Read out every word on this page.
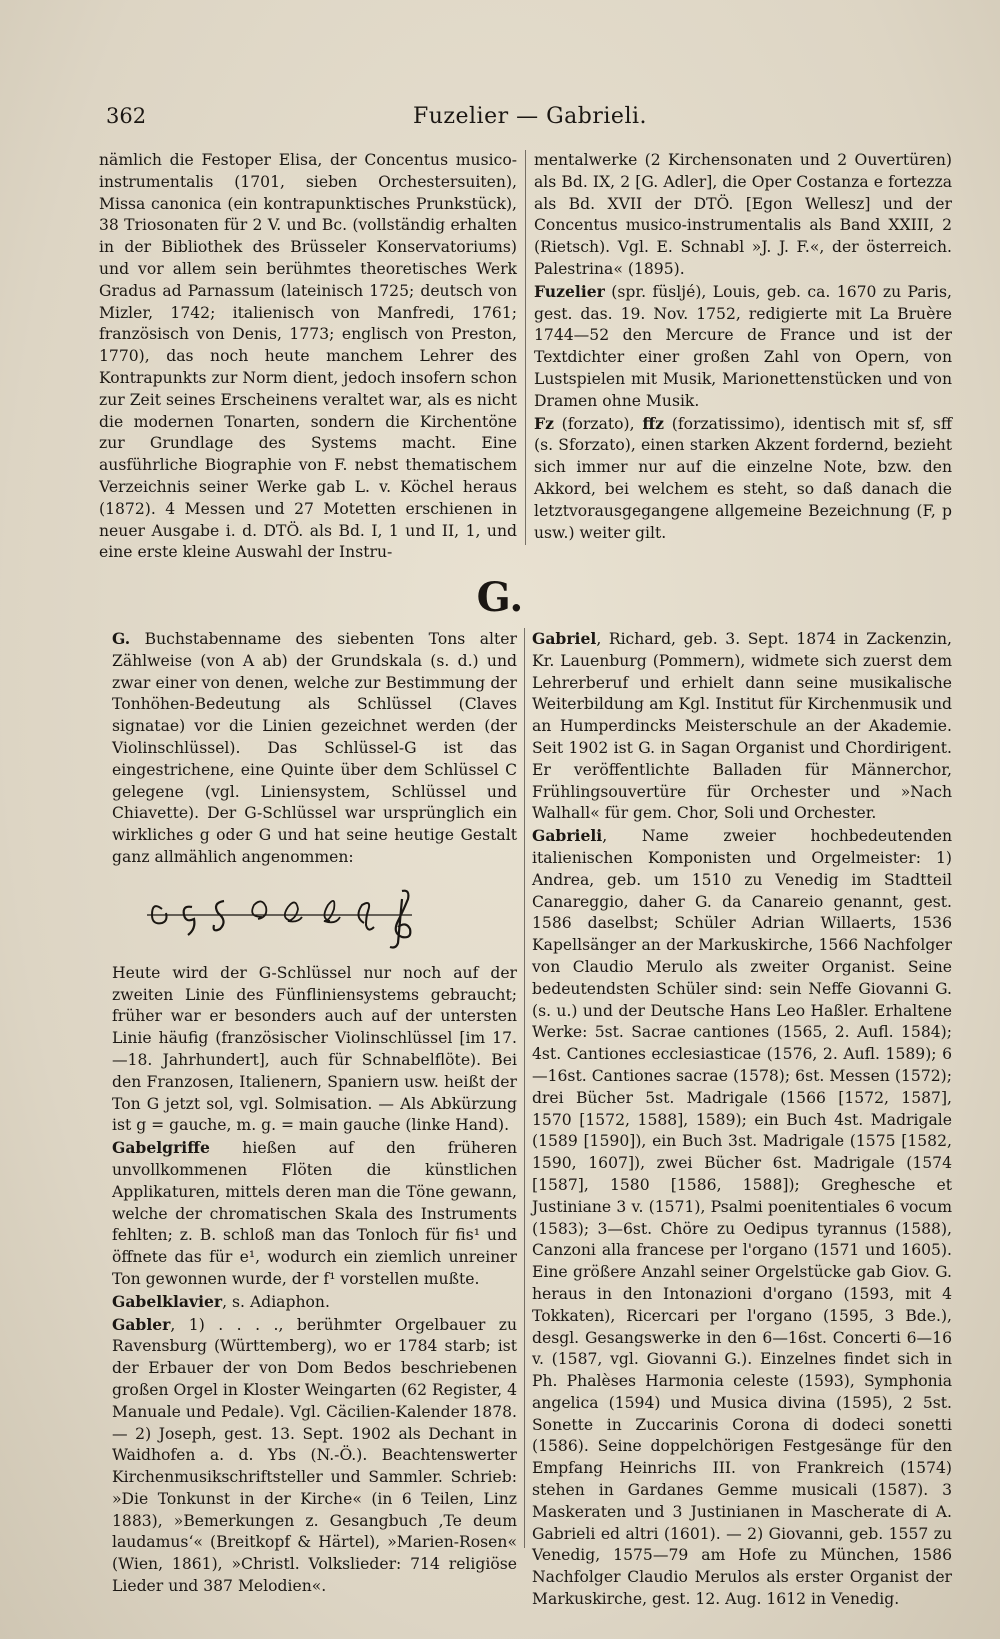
362	Fuzelier — Gabrieli.

nämlich die Festoper Elisa, der Concentus musico-instrumentalis (1701, sieben Orchestersuiten), Missa canonica (ein kontrapunktisches Prunkstück), 38 Triosonaten für 2 V. und Bc. (vollständig erhalten in der Bibliothek des Brüsseler Konservatoriums) und vor allem sein berühmtes theoretisches Werk Gradus ad Parnassum (lateinisch 1725; deutsch von Mizler, 1742; italienisch von Manfredi, 1761; französisch von Denis, 1773; englisch von Preston, 1770), das noch heute manchem Lehrer des Kontrapunkts zur Norm dient, jedoch insofern schon zur Zeit seines Erscheinens veraltet war, als es nicht die modernen Tonarten, sondern die Kirchentöne zur Grundlage des Systems macht. Eine ausführliche Biographie von F. nebst thematischem Verzeichnis seiner Werke gab L. v. Köchel heraus (1872). 4 Messen und 27 Motetten erschienen in neuer Ausgabe i. d. DTÖ. als Bd. I, 1 und II, 1, und eine erste kleine Auswahl der Instru-

mentalwerke (2 Kirchensonaten und 2 Ouvertüren) als Bd. IX, 2 [G. Adler], die Oper Costanza e fortezza als Bd. XVII der DTÖ. [Egon Wellesz] und der Concentus musico-instrumentalis als Band XXIII, 2 (Rietsch). Vgl. E. Schnabl »J. J. F.«, der österreich. Palestrina« (1895).

Fuzelier (spr. füsljé), Louis, geb. ca. 1670 zu Paris, gest. das. 19. Nov. 1752, redigierte mit La Bruère 1744—52 den Mercure de France und ist der Textdichter einer großen Zahl von Opern, von Lustspielen mit Musik, Marionettenstücken und von Dramen ohne Musik.

Fz (forzato), ffz (forzatissimo), identisch mit sf, sff (s. Sforzato), einen starken Akzent fordernd, bezieht sich immer nur auf die einzelne Note, bzw. den Akkord, bei welchem es steht, so daß danach die letztvorausgegangene allgemeine Bezeichnung (F, p usw.) weiter gilt.

G.

G. Buchstabenname des siebenten Tons alter Zählweise (von A ab) der Grundskala (s. d.) und zwar einer von denen, welche zur Bestimmung der Tonhöhen-Bedeutung als Schlüssel (Claves signatae) vor die Linien gezeichnet werden (der Violinschlüssel). Das Schlüssel-G ist das eingestrichene, eine Quinte über dem Schlüssel C gelegene (vgl. Liniensystem, Schlüssel und Chiavette). Der G-Schlüssel war ursprünglich ein wirkliches g oder G und hat seine heutige Gestalt ganz allmählich angenommen:

Heute wird der G-Schlüssel nur noch auf der zweiten Linie des Fünfliniensystems gebraucht; früher war er besonders auch auf der untersten Linie häufig (französischer Violinschlüssel [im 17.—18. Jahrhundert], auch für Schnabelflöte). Bei den Franzosen, Italienern, Spaniern usw. heißt der Ton G jetzt sol, vgl. Solmisation. — Als Abkürzung ist g = gauche, m. g. = main gauche (linke Hand).

Gabelgriffe hießen auf den früheren unvollkommenen Flöten die künstlichen Applikaturen, mittels deren man die Töne gewann, welche der chromatischen Skala des Instruments fehlten; z. B. schloß man das Tonloch für fis¹ und öffnete das für e¹, wodurch ein ziemlich unreiner Ton gewonnen wurde, der f¹ vorstellen mußte.

Gabelklavier, s. Adiaphon.

Gabler, 1) . . . ., berühmter Orgelbauer zu Ravensburg (Württemberg), wo er 1784 starb; ist der Erbauer der von Dom Bedos beschriebenen großen Orgel in Kloster Weingarten (62 Register, 4 Manuale und Pedale). Vgl. Cäcilien-Kalender 1878. — 2) Joseph, gest. 13. Sept. 1902 als Dechant in Waidhofen a. d. Ybs (N.-Ö.). Beachtenswerter Kirchenmusikschriftsteller und Sammler. Schrieb: »Die Tonkunst in der Kirche« (in 6 Teilen, Linz 1883), »Bemerkungen z. Gesangbuch ‚Te deum laudamus‘« (Breitkopf & Härtel), »Marien-Rosen« (Wien, 1861), »Christl. Volkslieder: 714 religiöse Lieder und 387 Melodien«.

Gabriel, Richard, geb. 3. Sept. 1874 in Zackenzin, Kr. Lauenburg (Pommern), widmete sich zuerst dem Lehrerberuf und erhielt dann seine musikalische Weiterbildung am Kgl. Institut für Kirchenmusik und an Humperdincks Meisterschule an der Akademie. Seit 1902 ist G. in Sagan Organist und Chordirigent. Er veröffentlichte Balladen für Männerchor, Frühlingsouvertüre für Orchester und »Nach Walhall« für gem. Chor, Soli und Orchester.

Gabrieli, Name zweier hochbedeutenden italienischen Komponisten und Orgelmeister: 1) Andrea, geb. um 1510 zu Venedig im Stadtteil Canareggio, daher G. da Canareio genannt, gest. 1586 daselbst; Schüler Adrian Willaerts, 1536 Kapellsänger an der Markuskirche, 1566 Nachfolger von Claudio Merulo als zweiter Organist. Seine bedeutendsten Schüler sind: sein Neffe Giovanni G. (s. u.) und der Deutsche Hans Leo Haßler. Erhaltene Werke: 5st. Sacrae cantiones (1565, 2. Aufl. 1584); 4st. Cantiones ecclesiasticae (1576, 2. Aufl. 1589); 6—16st. Cantiones sacrae (1578); 6st. Messen (1572); drei Bücher 5st. Madrigale (1566 [1572, 1587], 1570 [1572, 1588], 1589); ein Buch 4st. Madrigale (1589 [1590]), ein Buch 3st. Madrigale (1575 [1582, 1590, 1607]), zwei Bücher 6st. Madrigale (1574 [1587], 1580 [1586, 1588]); Greghesche et Justiniane 3 v. (1571), Psalmi poenitentiales 6 vocum (1583); 3—6st. Chöre zu Oedipus tyrannus (1588), Canzoni alla francese per l'organo (1571 und 1605). Eine größere Anzahl seiner Orgelstücke gab Giov. G. heraus in den Intonazioni d'organo (1593, mit 4 Tokkaten), Ricercari per l'organo (1595, 3 Bde.), desgl. Gesangswerke in den 6—16st. Concerti 6—16 v. (1587, vgl. Giovanni G.). Einzelnes findet sich in Ph. Phalèses Harmonia celeste (1593), Symphonia angelica (1594) und Musica divina (1595), 2 5st. Sonette in Zuccarinis Corona di dodeci sonetti (1586). Seine doppelchörigen Festgesänge für den Empfang Heinrichs III. von Frankreich (1574) stehen in Gardanes Gemme musicali (1587). 3 Maskeraten und 3 Justinianen in Mascherate di A. Gabrieli ed altri (1601). — 2) Giovanni, geb. 1557 zu Venedig, 1575—79 am Hofe zu München, 1586 Nachfolger Claudio Merulos als erster Organist der Markuskirche, gest. 12. Aug. 1612 in Venedig.
